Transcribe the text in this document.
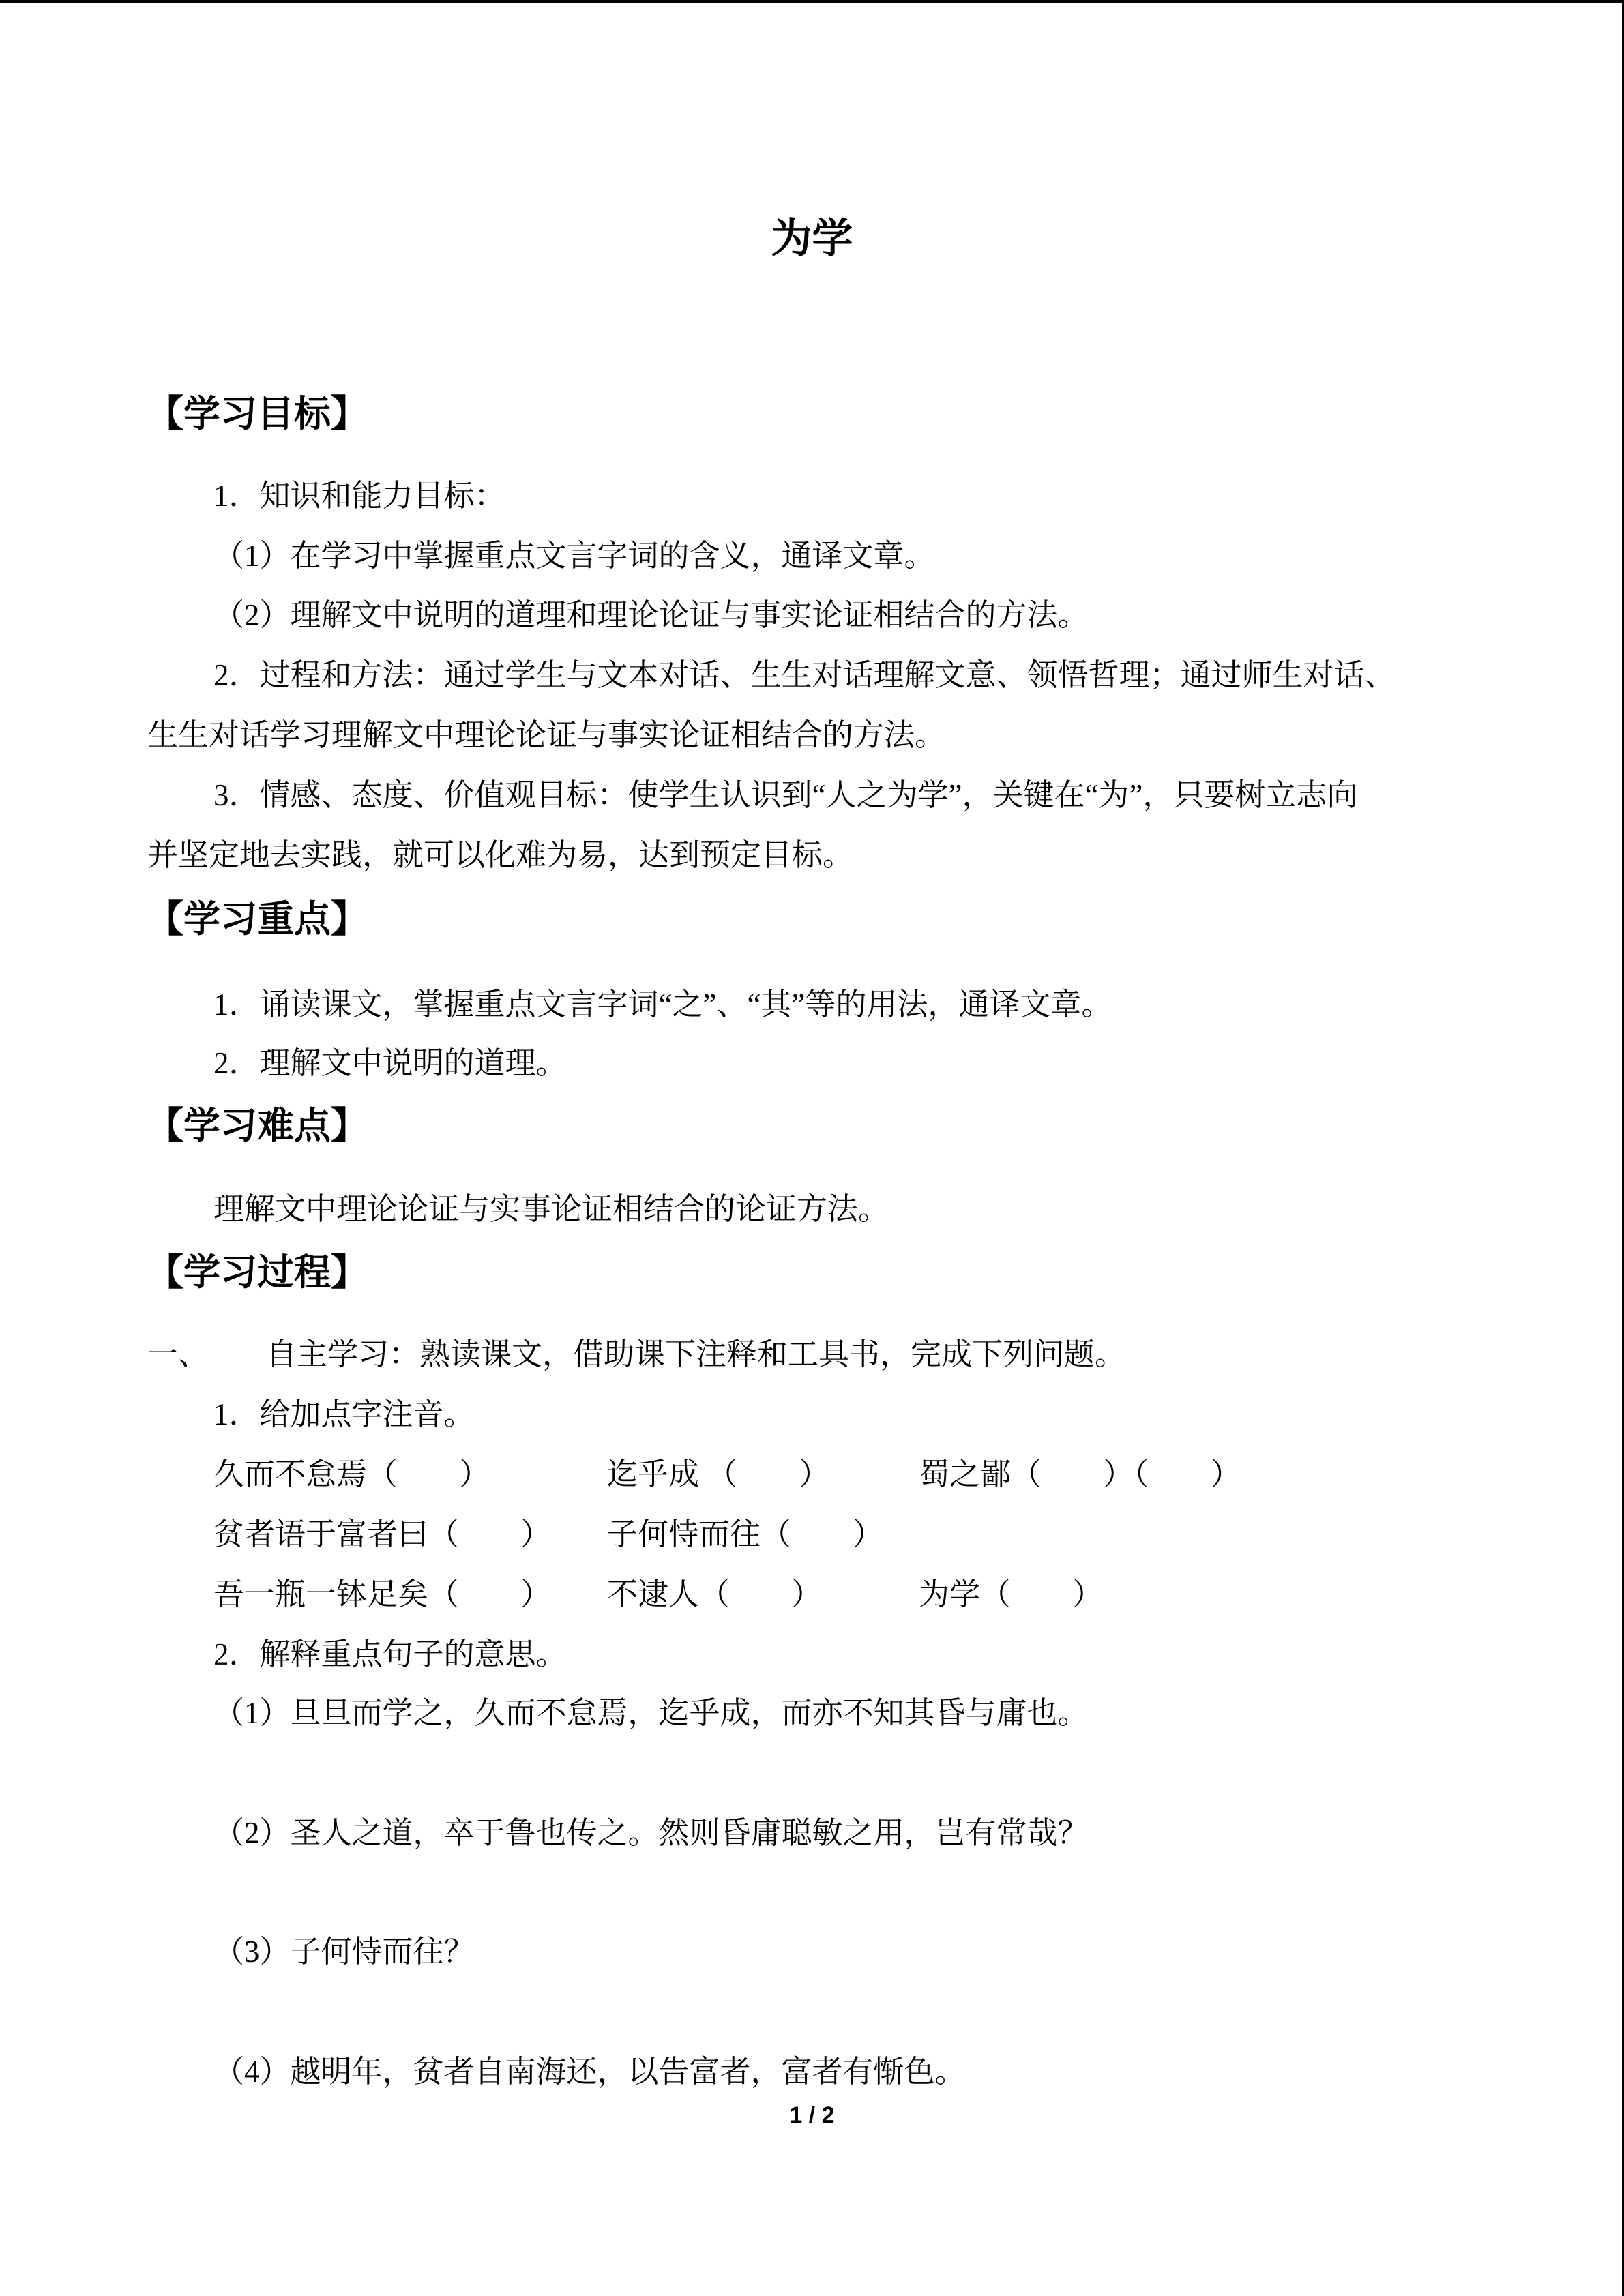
为学
【学习目标】
1．知识和能力目标：
（1）在学习中掌握重点文言字词的含义，通译文章。
（2）理解文中说明的道理和理论论证与事实论证相结合的方法。
2．过程和方法：通过学生与文本对话、生生对话理解文意、领悟哲理；通过师生对话、
生生对话学习理解文中理论论证与事实论证相结合的方法。
3．情感、态度、价值观目标：使学生认识到“人之为学”，关键在“为”，只要树立志向
并坚定地去实践，就可以化难为易，达到预定目标。
【学习重点】
1．诵读课文，掌握重点文言字词“之”、“其”等的用法，通译文章。
2．理解文中说明的道理。
【学习难点】
理解文中理论论证与实事论证相结合的论证方法。
【学习过程】
一、 自主学习：熟读课文，借助课下注释和工具书，完成下列问题。
1．给加点字注音。
久而不怠焉（　　）	迄乎成 （　　）	蜀之鄙（　　）（　　）
贫者语于富者曰（　　） 子何恃而往（　　）
吾一瓶一钵足矣（　　） 不逮人（　　）	为学（　　）
2．解释重点句子的意思。
（1）旦旦而学之，久而不怠焉，迄乎成，而亦不知其昏与庸也。
（2）圣人之道，卒于鲁也传之。然则昏庸聪敏之用，岂有常哉？
（3）子何恃而往？
（4）越明年，贫者自南海还，以告富者，富者有惭色。
1 / 2
